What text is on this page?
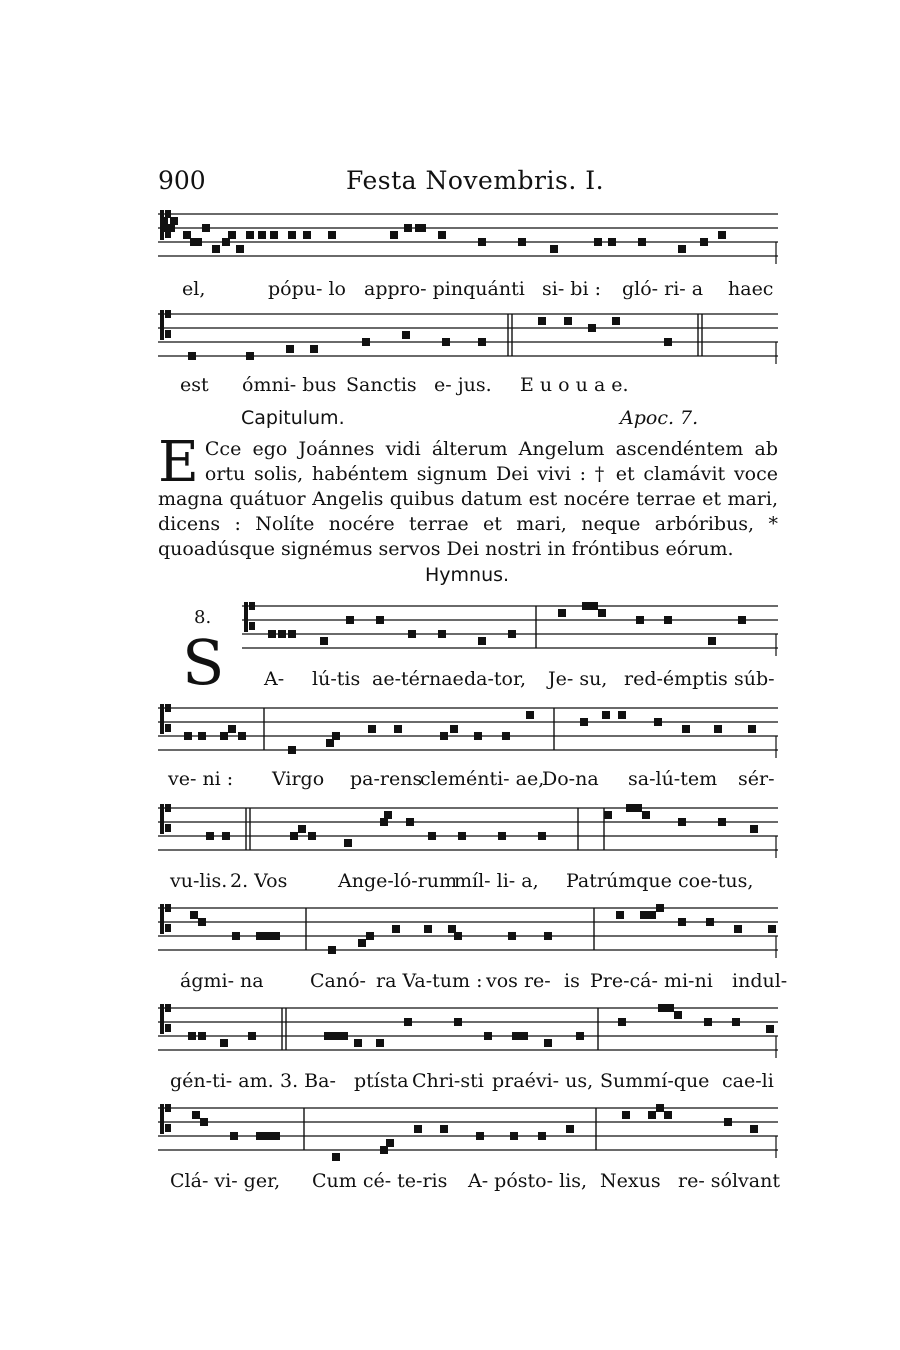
900	Festa Novembris. I.
el,	pópu- lo appro- pinquánti si- bi : gló- ri- a haec
est ómni- bus Sanctis e- jus. E u o u a e.
Capitulum.	Apoc. 7.
E Cce ego Joánnes vidi álterum Angelum ascendéntem ab ortu solis, habéntem signum Dei vivi : † et clamávit voce magna quátuor Angelis quibus datum est nocére terrae et mari, dicens : Nolíte nocére terrae et mari, neque arbóribus, * quoadúsque signémus servos Dei nostri in fróntibus eórum.
Hymnus.
8.
S A- lú-tis ae-térnae da-tor, Je- su, red-émptis súb-
ve- ni : Virgo pa-rens
cleménti- ae,
Do-na sa-lú-tem sér-
vu-lis. 2. Vos	Ange-ló-rum
míl- li- a, Patrúmque coe-tus,
ágmi- na Canó- ra Va-tum : vos re- is Pre-cá- mi-ni indul-
gén-ti- am. 3. Ba- ptísta Chri-sti praévi- us, Summí-que cae-li
Clá- vi- ger, Cum cé- te-ris A- pósto- lis, Nexus re- sólvant
